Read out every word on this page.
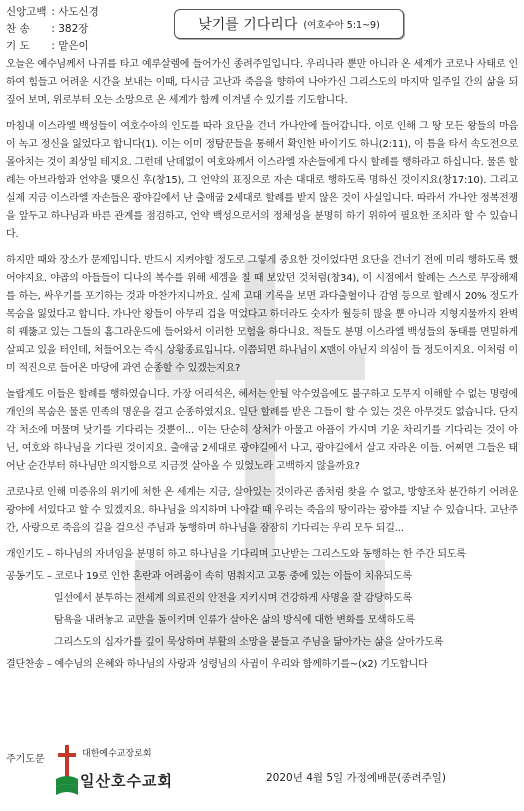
신앙고백 : 사도신경
찬 송 : 382장
기 도 : 맡은이
낮기를 기다리다 (여호수아 5:1~9)

오늘은 예수님께서 나귀를 타고 예루살렘에 들어가신 종려주일입니다. 우리나라 뿐만 아니라 온 세계가 코로나 사태로 인하여 힘들고 어려운 시간을 보내는 이때, 다시금 고난과 죽음을 향하여 나아가신 그리스도의 마지막 일주일 간의 삶을 되짚어 보며, 위로부터 오는 소망으로 온 세계가 함께 이겨낼 수 있기를 기도합니다.

마침내 이스라엘 백성들이 여호수아의 인도를 따라 요단을 건너 가나안에 들어갑니다. 이로 인해 그 땅 모든 왕들의 마음이 녹고 정신을 잃었다고 합니다(1). 이는 이미 정탐꾼들을 통해서 확인한 바이기도 하니(2:11), 이 틈을 타서 속도전으로 몰아치는 것이 최상일 테지요. 그런데 난데없이 여호와께서 이스라엘 자손들에게 다시 할례를 행하라고 하십니다. 물론 할례는 아브라함과 언약을 맺으신 후(창15), 그 언약의 표징으로 자손 대대로 행하도록 명하신 것이지요(창17:10). 그리고 실제 지금 이스라엘 자손들은 광야길에서 난 출애굽 2세대로 할례를 받지 않은 것이 사실입니다. 따라서 가나안 정복전쟁을 앞두고 하나님과 바른 관계를 점검하고, 언약 백성으로서의 정체성을 분명히 하기 위하여 필요한 조치라 할 수 있습니다.

하지만 때와 장소가 문제입니다. 반드시 지켜야할 정도로 그렇게 중요한 것이었다면 요단을 건너기 전에 미리 행하도록 했어야지요. 야곱의 아들들이 디나의 복수를 위해 세겜을 칠 때 보았던 것처럼(창34), 이 시점에서 할례는 스스로 무장해제를 하는, 싸우기를 포기하는 것과 마찬가지니까요. 실제 고대 기록을 보면 과다출혈이나 감염 등으로 할례시 20% 정도가 목숨을 잃었다고 합니다. 가나안 왕들이 아무리 겁을 먹었다고 하더라도 숫자가 월등히 많을 뿐 아니라 지형지물까지 완벽히 꿰뚫고 있는 그들의 홈그라운드에 들어와서 이러한 모험을 하다니요. 적들도 분명 이스라엘 백성들의 동태를 면밀하게 살피고 있을 터인데, 처들어오는 즉시 상황종료입니다. 이쯤되면 하나님이 X맨이 아닌지 의심이 들 정도이지요. 이처럼 이미 적진으로 들어온 마당에 과연 순종할 수 있겠는지요?

놀랍게도 이들은 할례를 행하였습니다. 가장 어리석은, 혜서는 안될 악수였음에도 불구하고 도무지 이해할 수 없는 명령에 개인의 목숨은 물론 민족의 명운을 걸고 순종하였지요. 일단 할례를 받은 그들이 할 수 있는 것은 아무것도 없습니다. 단지 각 처소에 머물며 낫기를 기다리는 것뿐이... 이는 단순히 상처가 아물고 아픔이 가시며 기운 차리기를 기다리는 것이 아닌, 여호와 하나님을 기다린 것이지요. 출애굽 2세대로 광야길에서 나고, 광야길에서 살고 자라온 이들. 어쩌면 그들은 태어난 순간부터 하나님만 의지함으로 지금껏 살아올 수 있었노라 고백하지 않을까요?

코로나로 인해 미증유의 위기에 처한 온 세계는 지금, 살아있는 것이라곤 좀처럼 찾을 수 없고, 방향조차 분간하기 어려운 광야에 서있다고 할 수 있겠지요. 하나님을 의지하며 나아갈 때 우리는 죽음의 땅이라는 광야를 지날 수 있습니다. 고난주간, 사랑으로 죽음의 길을 걸으신 주님과 동행하며 하나님을 잠잠히 기다리는 우리 모두 되길...

개인기도 – 하나님의 자녀임을 분명히 하고 하나님을 기다리며 고난받는 그리스도와 동행하는 한 주간 되도록
공동기도 – 코로나 19로 인한 혼란과 어려움이 속히 멈춰지고 고통 중에 있는 이들이 치유되도록
일선에서 분투하는 전세계 의료진의 안전을 지키시며 건강하게 사명을 잘 감당하도록
탐욕을 내려놓고 교만을 돌이키며 인류가 살아온 삶의 방식에 대한 변화를 모색하도록
그리스도의 십자가를 깊이 묵상하며 부활의 소망을 붙들고 주님을 닮아가는 삶을 살아가도록
결단찬송 – 예수님의 은혜와 하나님의 사랑과 성령님의 사귐이 우리와 함께하기를~(x2) 기도합니다
주기도문	대한예수교장로회
일산호수교회	2020년 4월 5일 가정예배문(종려주일)
